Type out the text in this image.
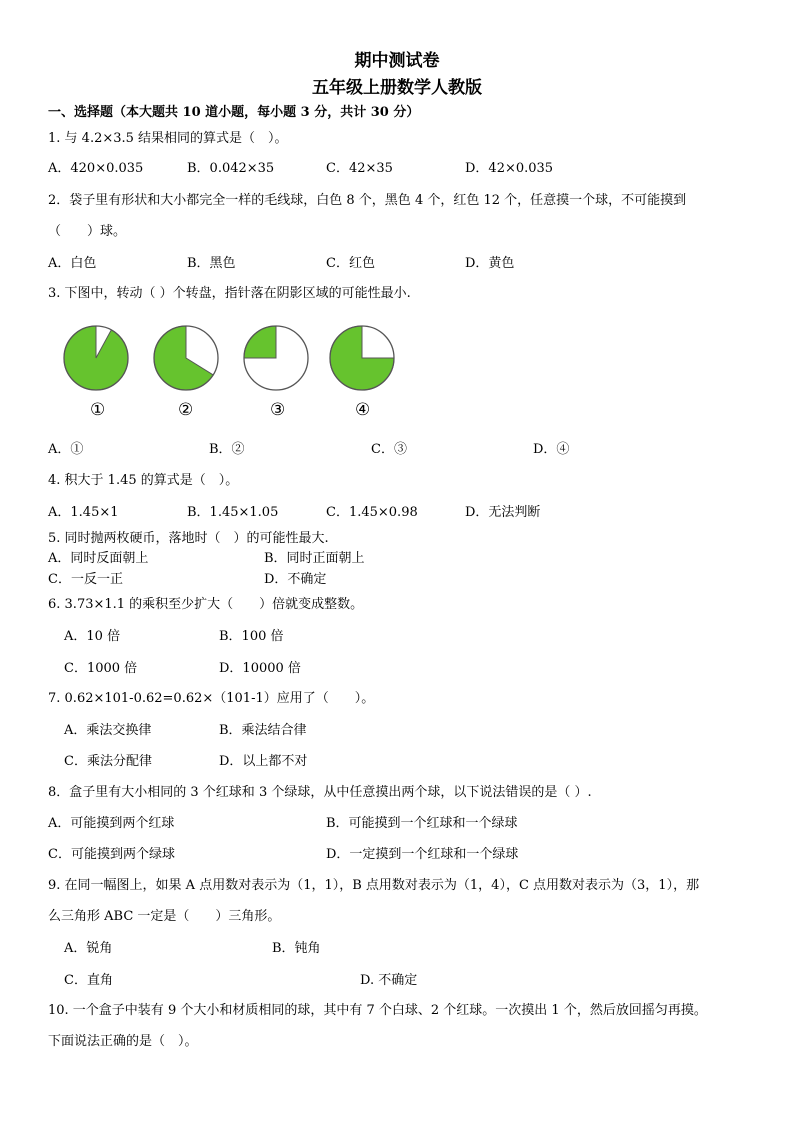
期中测试卷
五年级上册数学人教版
一、选择题（本大题共 10 道小题，每小题 3 分，共计 30 分）
1. 与 4.2×3.5 结果相同的算式是（　）。
A．420×0.035	B．0.042×35	C．42×35	D．42×0.035
2．袋子里有形状和大小都完全一样的毛线球，白色 8 个，黑色 4 个，红色 12 个，任意摸一个球，不可能摸到
（　　）球。
A．白色	B．黑色	C．红色	D．黄色
3. 下图中，转动（ ）个转盘，指针落在阴影区域的可能性最小.
①	②	③	④
A．①	B．②	C．③	D．④
4. 积大于 1.45 的算式是（　）。
A．1.45×1	B．1.45×1.05	C．1.45×0.98	D．无法判断
5. 同时抛两枚硬币，落地时（　）的可能性最大.
A．同时反面朝上	B．同时正面朝上
C．一反一正	D．不确定
6. 3.73×1.1 的乘积至少扩大（　　）倍就变成整数。
A．10 倍	B．100 倍
C．1000 倍	D．10000 倍
7. 0.62×101-0.62=0.62×（101-1）应用了（　　）。
A．乘法交换律	B．乘法结合律
C．乘法分配律	D．以上都不对
8．盒子里有大小相同的 3 个红球和 3 个绿球，从中任意摸出两个球，以下说法错误的是（ ）.
A．可能摸到两个红球	B．可能摸到一个红球和一个绿球
C．可能摸到两个绿球	D．一定摸到一个红球和一个绿球
9. 在同一幅图上，如果 A 点用数对表示为（1，1），B 点用数对表示为（1，4），C 点用数对表示为（3，1），那
么三角形 ABC 一定是（　　）三角形。
A．锐角	B．钝角
C．直角	D. 不确定
10. 一个盒子中装有 9 个大小和材质相同的球，其中有 7 个白球、2 个红球。一次摸出 1 个，然后放回摇匀再摸。
下面说法正确的是（　）。
